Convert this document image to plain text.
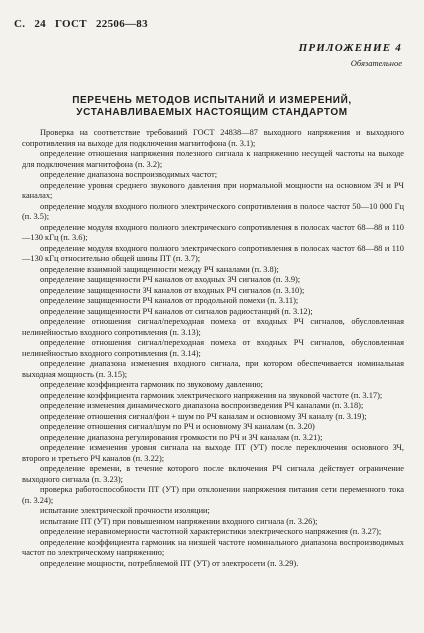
С. 24 ГОСТ 22506—83
ПРИЛОЖЕНИЕ 4
Обязательное
ПЕРЕЧЕНЬ МЕТОДОВ ИСПЫТАНИЙ И ИЗМЕРЕНИЙ,
УСТАНАВЛИВАЕМЫХ НАСТОЯЩИМ СТАНДАРТОМ

Проверка на соответствие требований ГОСТ 24838—87 выходного напряжения и выходного сопротивления на выходе для подключения магнитофона (п. 3.1);

определение отношения напряжения полезного сигнала к напряжению несущей частоты на выходе для подключения магнитофона (п. 3.2);

определение диапазона воспроизводимых частот;

определение уровня среднего звукового давления при нормальной мощности на основном ЗЧ и РЧ каналах;

определение модуля входного полного электрического сопротивления в полосе частот 50—10 000 Гц (п. 3.5);

определение модуля входного полного электрического сопротивления в полосах частот 68—88 и 110—130 кГц (п. 3.6);

определение модуля входного полного электрического сопротивления в полосах частот 68—88 и 110—130 кГц относительно общей шины ПТ (п. 3.7);

определение взаимной защищенности между РЧ каналами (п. 3.8);

определение защищенности РЧ каналов от входных ЗЧ сигналов (п. 3.9);

определение защищенности ЗЧ каналов от входных РЧ сигналов (п. 3.10);

определение защищенности РЧ каналов от продольной помехи (п. 3.11);

определение защищенности РЧ каналов от сигналов радиостанций (п. 3.12);

определение отношения сигнал/переходная помеха от входных РЧ сигналов, обусловленная нелинейностью входного сопротивления (п. 3.13);

определение отношения сигнал/переходная помеха от входных РЧ сигналов, обусловленная нелинейностью входного сопротивления (п. 3.14);

определение диапазона изменения входного сигнала, при котором обеспечивается номинальная выходная мощность (п. 3.15);

определение коэффициента гармоник по звуковому давлению;

определение коэффициента гармоник электрического напряжения на звуковой частоте (п. 3.17);

определение изменения динамического диапазона воспроизведения РЧ каналами (п. 3.18);

определение отношения сигнал/фон + шум по РЧ каналам и основному ЗЧ каналу (п. 3.19);

определение отношения сигнал/шум по РЧ и основному ЗЧ каналам (п. 3.20)

определение диапазона регулирования громкости по РЧ и ЗЧ каналам (п. 3.21);

определение изменения уровня сигнала на выходе ПТ (УТ) после переключения основного ЗЧ, второго и третьего РЧ каналов (п. 3.22);

определение времени, в течение которого после включения РЧ сигнала действует ограничение выходного сигнала (п. 3.23);

проверка работоспособности ПТ (УТ) при отклонении напряжения питания сети переменного тока (п. 3.24);

испытание электрической прочности изоляции;

испытание ПТ (УТ) при повышенном напряжении входного сигнала (п. 3.26);

определение неравномерности частотной характеристики электрического напряжения (п. 3.27);

определение коэффициента гармоник на низшей частоте номинального диапазона воспроизводимых частот по электрическому напряжению;

определение мощности, потребляемой ПТ (УТ) от электросети (п. 3.29).
